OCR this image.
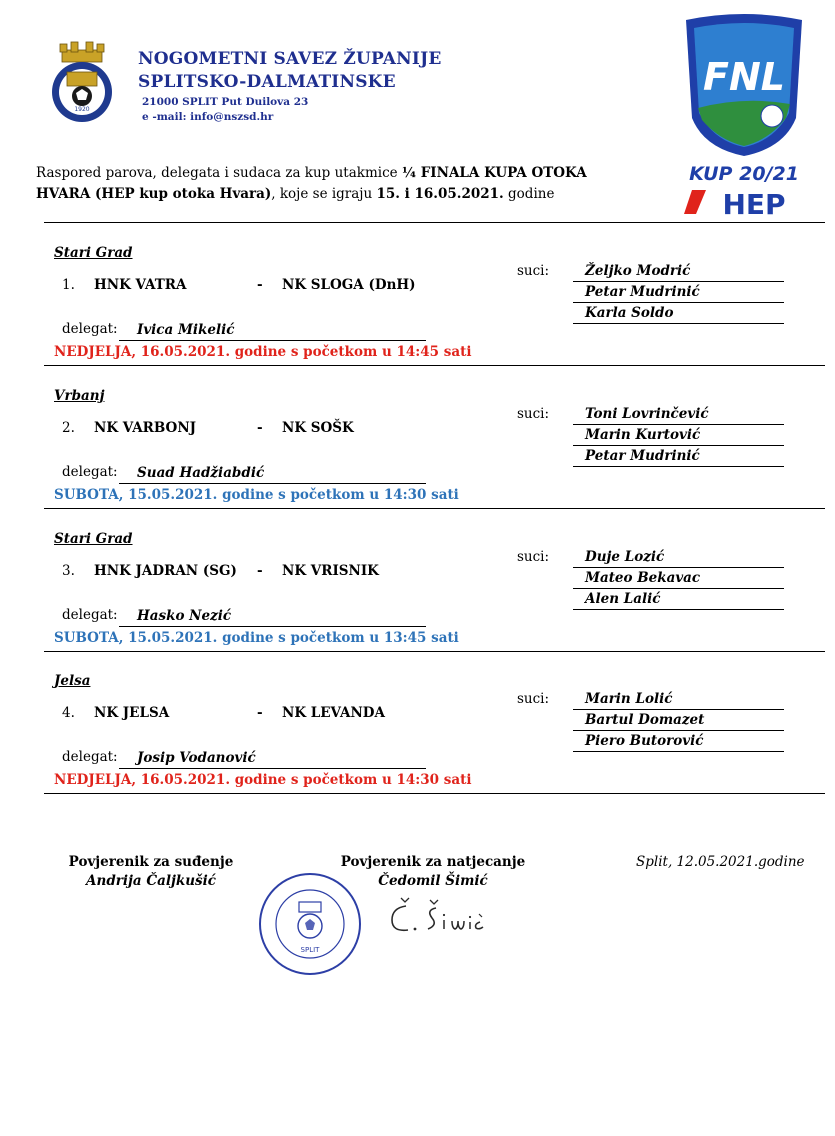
1920
NOGOMETNI SAVEZ ŽUPANIJE
SPLITSKO-DALMATINSKE
21000 SPLIT Put Duilova 23
e -mail: info@nszsd.hr
FNL
KUP 20/21
HEP
Raspored parova, delegata i sudaca za kup utakmice ¼ FINALA KUPA OTOKA HVARA (HEP kup otoka Hvara), koje se igraju 15. i 16.05.2021. godine
Stari Grad
1. HNK VATRA	- NK SLOGA (DnH)
suci:	Željko Modrić
Petar Mudrinić
Karla Soldo
delegat:	Ivica Mikelić
NEDJELJA, 16.05.2021. godine s početkom u 14:45 sati
Vrbanj
2. NK VARBONJ	- NK SOŠK
suci:	Toni Lovrinčević
Marin Kurtović
Petar Mudrinić
delegat:	Suad Hadžiabdić
SUBOTA, 15.05.2021. godine s početkom u 14:30 sati
Stari Grad
3. HNK JADRAN (SG) - NK VRISNIK
suci:	Duje Lozić
Mateo Bekavac
Alen Lalić
delegat:	Hasko Nezić
SUBOTA, 15.05.2021. godine s početkom u 13:45 sati
Jelsa
4. NK JELSA	- NK LEVANDA
suci:	Marin Lolić
Bartul Domazet
Piero Butorović
delegat:	Josip Vodanović
NEDJELJA, 16.05.2021. godine s početkom u 14:30 sati
Povjerenik za suđenje
Andrija Čaljkušić
Povjerenik za natjecanje
Čedomil Šimić
Split, 12.05.2021.godine
SPLIT
